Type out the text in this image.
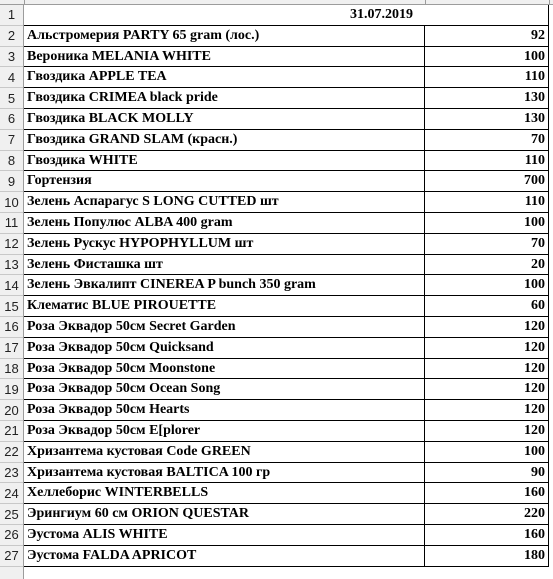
1	31.07.2019
2 Альстромерия PARTY 65 gram (лос.)	92
3 Вероника MELANIA WHITE	100
4 Гвоздика APPLE TEA	110
5 Гвоздика CRIMEA black pride	130
6 Гвоздика BLACK MOLLY	130
7 Гвоздика GRAND SLAM (красн.)	70
8 Гвоздика WHITE	110
9 Гортензия	700
10 Зелень Аспарагус S LONG CUTTED шт	110
11 Зелень Популюс ALBA 400 gram	100
12 Зелень Рускус HYPOPHYLLUM шт	70
13 Зелень Фисташка шт	20
14 Зелень Эвкалипт CINEREA P bunch 350 gram	100
15 Клематис BLUE PIROUETTE	60
16 Роза Эквадор 50см Secret Garden	120
17 Роза Эквадор 50см Quicksand	120
18 Роза Эквадор 50см Moonstone	120
19 Роза Эквадор 50см Ocean Song	120
20 Роза Эквадор 50см Hearts	120
21 Роза Эквадор 50см E[plorer	120
22 Хризантема кустовая Code GREEN	100
23 Хризантема кустовая BALTICA 100 гр	90
24 Хеллеборис WINTERBELLS	160
25 Эрингиум 60 см ORION QUESTAR	220
26 Эустома ALIS WHITE	160
27 Эустома FALDA APRICOT	180
